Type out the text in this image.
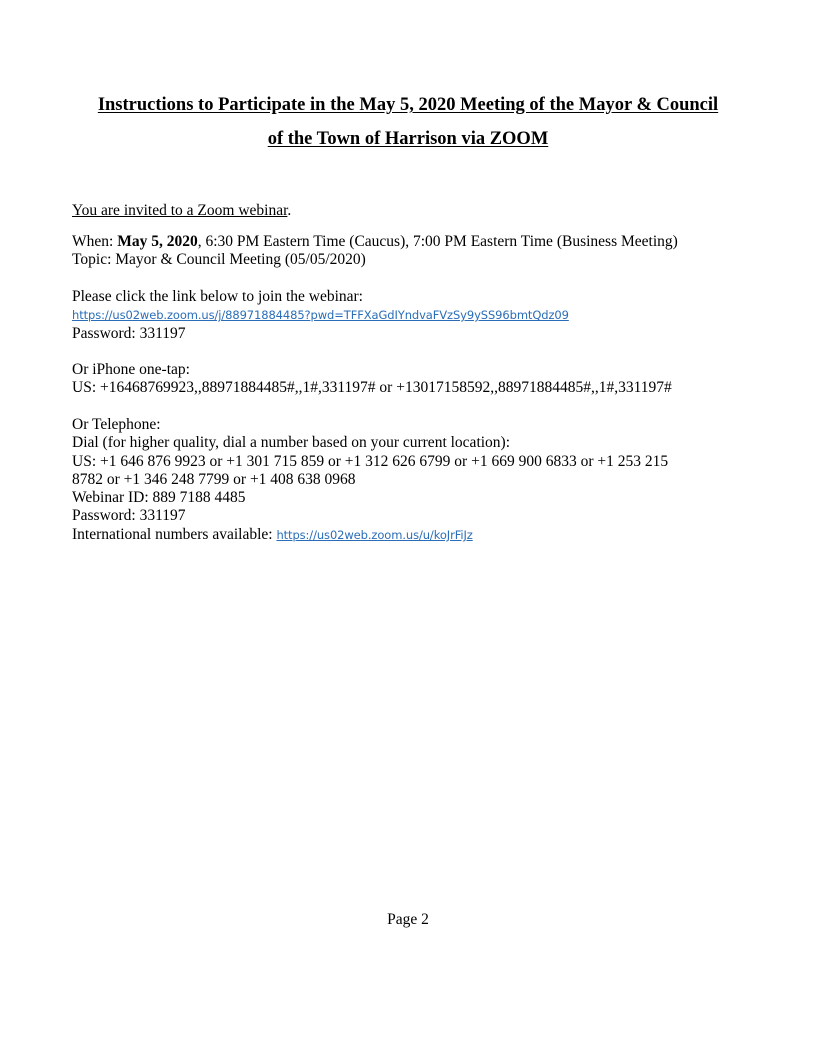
Instructions to Participate in the May 5, 2020 Meeting of the Mayor & Council
of the Town of Harrison via ZOOM
You are invited to a Zoom webinar.
When: May 5, 2020, 6:30 PM Eastern Time (Caucus), 7:00 PM Eastern Time (Business Meeting)
Topic: Mayor & Council Meeting (05/05/2020)
Please click the link below to join the webinar:
https://us02web.zoom.us/j/88971884485?pwd=TFFXaGdIYndvaFVzSy9ySS96bmtQdz09
Password: 331197
Or iPhone one-tap:
US: +16468769923,,88971884485#,,1#,331197# or +13017158592,,88971884485#,,1#,331197#
Or Telephone:
Dial (for higher quality, dial a number based on your current location):
US: +1 646 876 9923 or +1 301 715 859 or +1 312 626 6799 or +1 669 900 6833 or +1 253 215
8782 or +1 346 248 7799 or +1 408 638 0968
Webinar ID: 889 7188 4485
Password: 331197
International numbers available: https://us02web.zoom.us/u/koJrFiJz
Page 2
